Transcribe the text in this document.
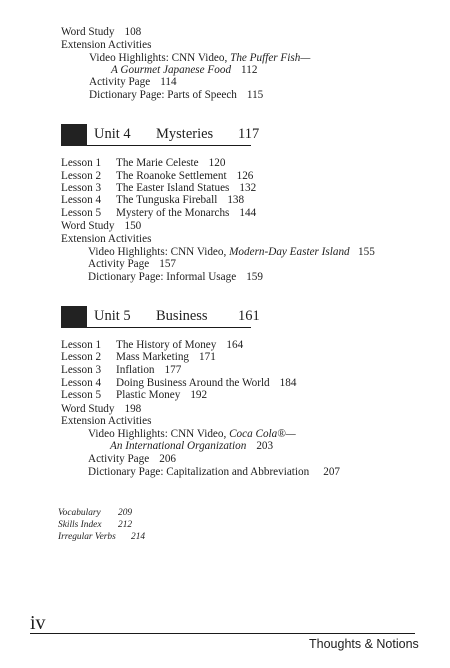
Word Study 108
Extension Activities
Video Highlights: CNN Video, The Puffer Fish—
A Gourmet Japanese Food 112
Activity Page 114
Dictionary Page: Parts of Speech 115
Unit 4 Mysteries 117
Lesson 1 The Marie Celeste 120
Lesson 2 The Roanoke Settlement 126
Lesson 3 The Easter Island Statues 132
Lesson 4 The Tunguska Fireball 138
Lesson 5 Mystery of the Monarchs 144
Word Study 150
Extension Activities
Video Highlights: CNN Video, Modern-Day Easter Island 155
Activity Page 157
Dictionary Page: Informal Usage 159
Unit 5 Business 161
Lesson 1 The History of Money 164
Lesson 2 Mass Marketing 171
Lesson 3 Inflation 177
Lesson 4 Doing Business Around the World 184
Lesson 5 Plastic Money 192
Word Study 198
Extension Activities
Video Highlights: CNN Video, Coca Cola®—
An International Organization 203
Activity Page 206
Dictionary Page: Capitalization and Abbreviation 207
Vocabulary 209
Skills Index 212
Irregular Verbs 214
iv
Thoughts & Notions
